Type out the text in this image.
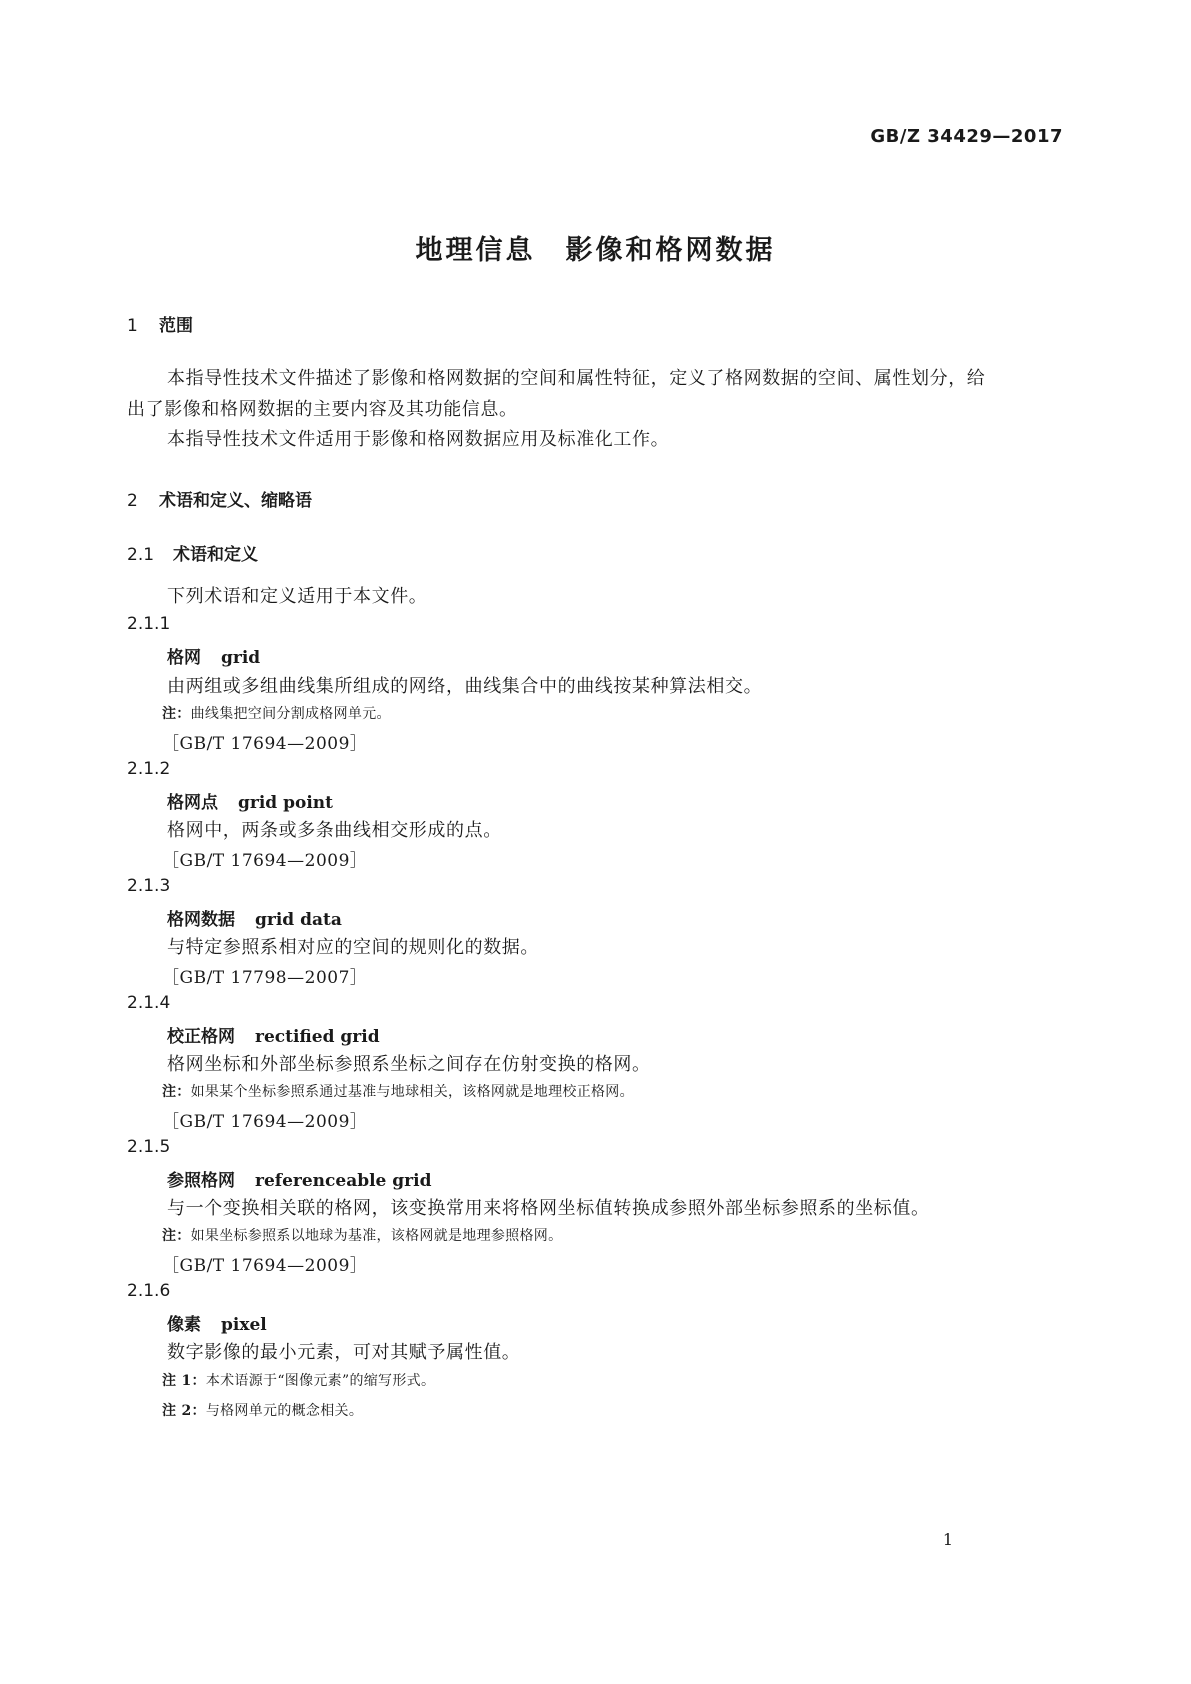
GB/Z 34429—2017
地理信息　影像和格网数据
1 范围
本指导性技术文件描述了影像和格网数据的空间和属性特征，定义了格网数据的空间、属性划分，给出了影像和格网数据的主要内容及其功能信息。
本指导性技术文件适用于影像和格网数据应用及标准化工作。
2 术语和定义、缩略语
2.1 术语和定义
下列术语和定义适用于本文件。
2.1.1
格网 grid
由两组或多组曲线集所组成的网络，曲线集合中的曲线按某种算法相交。
注：曲线集把空间分割成格网单元。
［GB/T 17694—2009］
2.1.2
格网点 grid point
格网中，两条或多条曲线相交形成的点。
［GB/T 17694—2009］
2.1.3
格网数据 grid data
与特定参照系相对应的空间的规则化的数据。
［GB/T 17798—2007］
2.1.4
校正格网 rectified grid
格网坐标和外部坐标参照系坐标之间存在仿射变换的格网。
注：如果某个坐标参照系通过基准与地球相关，该格网就是地理校正格网。
［GB/T 17694—2009］
2.1.5
参照格网 referenceable grid
与一个变换相关联的格网，该变换常用来将格网坐标值转换成参照外部坐标参照系的坐标值。
注：如果坐标参照系以地球为基准，该格网就是地理参照格网。
［GB/T 17694—2009］
2.1.6
像素 pixel
数字影像的最小元素，可对其赋予属性值。
注 1：本术语源于“图像元素”的缩写形式。
注 2：与格网单元的概念相关。
1
